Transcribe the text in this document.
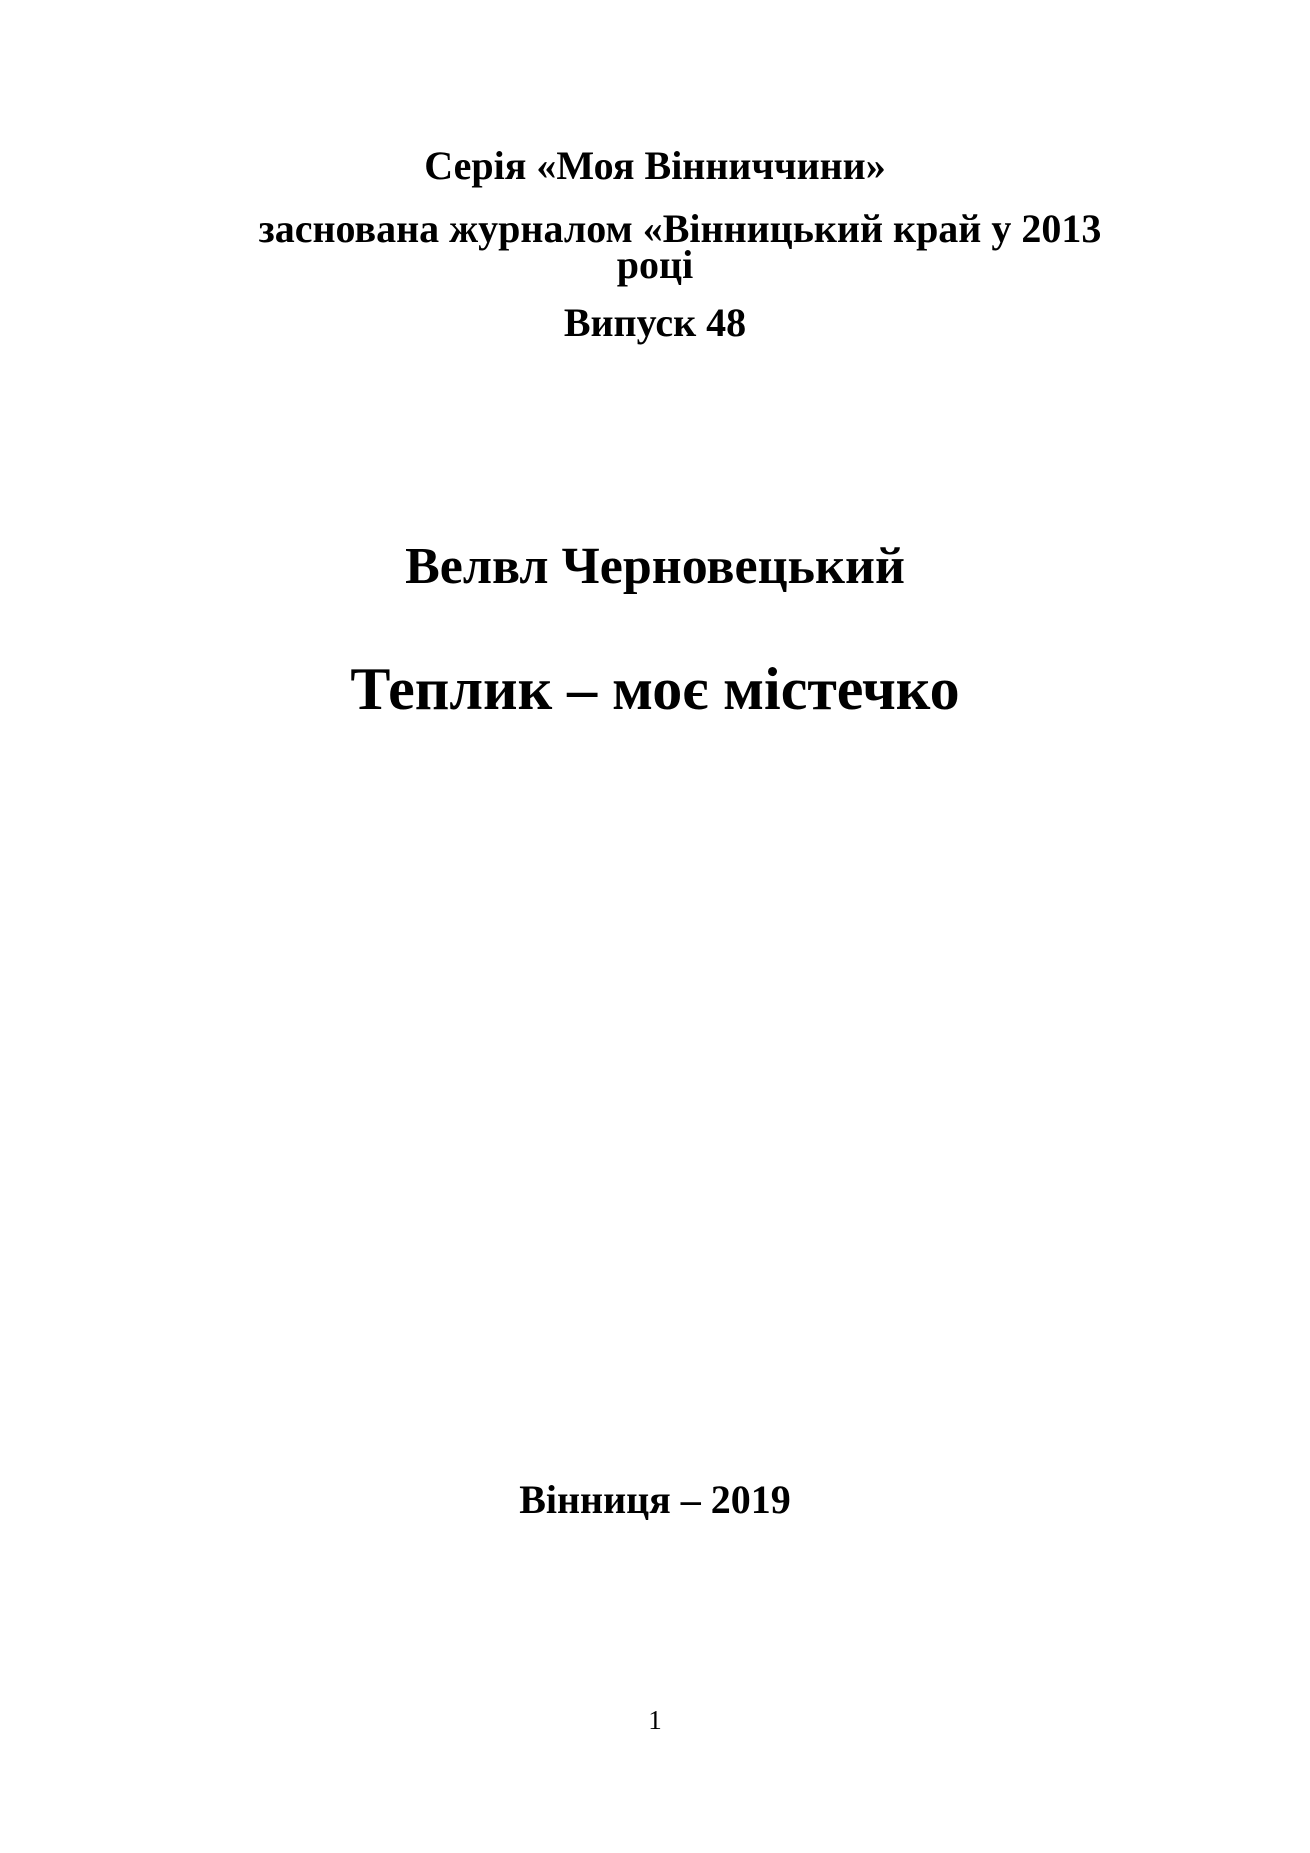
Серія «Моя Вінниччини»
заснована журналом «Вінницький край у 2013
році
Випуск 48
Велвл Черновецький
Теплик – моє містечко
Вінниця – 2019
1
